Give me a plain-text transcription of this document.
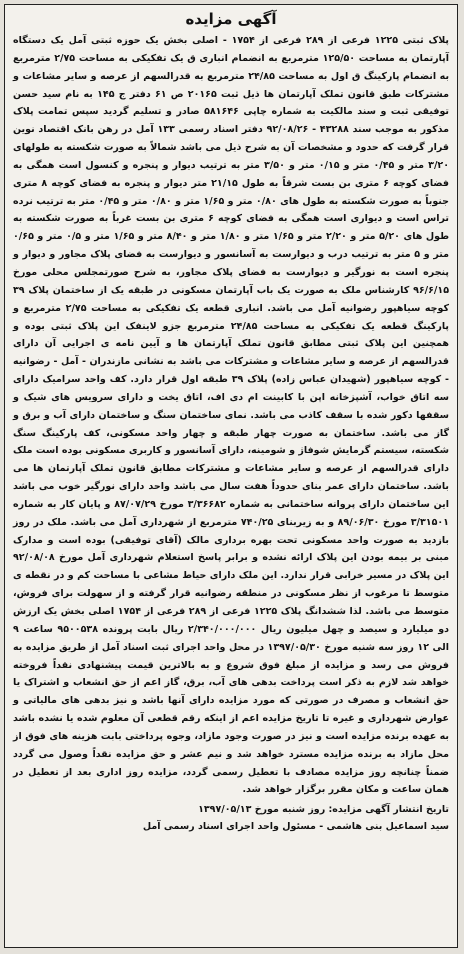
آگهی مزایده

پلاک ثبتی ۱۲۲۵ فرعی از ۲۸۹ فرعی از ۱۷۵۴ - اصلی بخش یک حوزه ثبتی آمل یک دستگاه آپارتمان به مساحت ۱۲۵/۵۰ مترمربع به انضمام انباری ق یک تفکیکی به مساحت ۲/۷۵ مترمربع به انضمام پارکینگ ق اول به مساحت ۲۴/۸۵ مترمربع به قدرالسهم از عرصه و سایر مشاعات و مشترکات طبق قانون تملک آپارتمان ها ذیل ثبت ۲۰۱۶۵ ص ۶۱ دفتر ج ۱۴۵ به نام سید حسن توفیقی ثبت و سند مالکیت به شماره چاپی ۵۸۱۶۴۶ صادر و تسلیم گردید سپس تمامت پلاک مذکور به موجب سند ۴۳۲۸۸ - ۹۲/۰۸/۲۶ دفتر اسناد رسمی ۱۳۳ آمل در رهن بانک اقتصاد نوین قرار گرفت که حدود و مشخصات آن به شرح ذیل می باشد شمالاً به صورت شکسته به طولهای ۳/۲۰ متر و ۰/۴۵ متر و ۰/۱۵ متر و ۳/۵۰ متر به ترتیب دیوار و پنجره و کنسول است همگی به فضای کوچه ۶ متری بن بست شرقاً به طول ۲۱/۱۵ متر دیوار و پنجره به فضای کوچه ۸ متری جنوباً به صورت شکسته به طول های ۰/۸۰ متر و ۱/۶۵ متر و ۰/۸۰ متر و ۰/۴۵ متر به ترتیب نرده تراس است و دیواری است همگی به فضای کوچه ۶ متری بن بست غرباً به صورت شکسته به طول های ۵/۲۰ متر و ۲/۲۰ متر و ۱/۶۵ متر و ۱/۸۰ متر و ۸/۴۰ متر و ۱/۶۵ متر و ۰/۵ متر و ۰/۶۵ متر و ۵ متر به ترتیب درب و دیوارست به آسانسور و دیوارست به فضای پلاک مجاور و دیوار و پنجره است به نورگیر و دیوارست به فضای پلاک مجاور، به شرح صورتمجلس محلی مورخ ۹۶/۶/۱۵ کارشناس ملک به صورت یک باب آپارتمان مسکونی در طبقه یک از ساختمان پلاک ۳۹ کوچه سیاهپور رضوانیه آمل می باشد. انباری قطعه یک تفکیکی به مساحت ۲/۷۵ مترمربع و پارکینگ قطعه یک تفکیکی به مساحت ۲۴/۸۵ مترمربع جزو لاینفک این پلاک ثبتی بوده و همچنین این پلاک ثبتی مطابق قانون تملک آپارتمان ها و آیین نامه ی اجرایی آن دارای قدرالسهم از عرصه و سایر مشاعات و مشترکات می باشد به نشانی مازندران - آمل - رضوانیه - کوچه سیاهپور (شهیدان عباس زاده) پلاک ۳۹ طبقه اول قرار دارد. کف واحد سرامیک دارای سه اتاق خواب، آشپزخانه اپن با کابینت ام دی اف، اتاق یخت و دارای سرویس های شیک و سقفها دکور شده با سقف کاذب می باشد. نمای ساختمان سنگ و ساختمان دارای آب و برق و گاز می باشد. ساختمان به صورت چهار طبقه و چهار واحد مسکونی، کف پارکینگ سنگ شکسته، سیستم گرمایش شوفاژ و شومینه، دارای آسانسور و کاربری مسکونی بوده است ملک دارای قدرالسهم از عرصه و سایر مشاعات و مشترکات مطابق قانون تملک آپارتمان ها می باشد. ساختمان دارای عمر بنای حدوداً هفت سال می باشد واحد دارای نورگیر خوب می باشد این ساختمان دارای پروانه ساختمانی به شماره ۳/۳۶۶۸۲ مورخ ۸۷/۰۷/۲۹ و پایان کار به شماره ۳/۳۱۵۰۱ مورخ ۸۹/۰۶/۳۰ و به زیربنای ۷۴۰/۲۵ مترمربع از شهرداری آمل می باشد. ملک در روز بازدید به صورت واحد مسکونی تحت بهره برداری مالک (آقای توفیقی) بوده است و مدارک مبنی بر بیمه بودن این پلاک ارائه نشده و برابر پاسخ استعلام شهرداری آمل مورخ ۹۲/۰۸/۰۸ این پلاک در مسیر خرابی قرار ندارد. این ملک دارای حیاط مشاعی با مساحت کم و در نقطه ی متوسط تا مرغوب از نظر مسکونی در منطقه رضوانیه قرار گرفته و از سهولت برای فروش، متوسط می باشد. لذا ششدانگ پلاک ۱۲۲۵ فرعی از ۲۸۹ فرعی از ۱۷۵۴ اصلی بخش یک ارزش دو میلیارد و سیصد و چهل میلیون ریال ۲/۳۴۰/۰۰۰/۰۰۰ ریال بابت پرونده ۹۵۰۰۵۳۸ ساعت ۹ الی ۱۲ روز سه شنبه مورخ ۱۳۹۷/۰۵/۳۰ در محل واحد اجرای ثبت اسناد آمل از طریق مزایده به فروش می رسد و مزایده از مبلغ فوق شروع و به بالاترین قیمت پیشنهادی نقداً فروخته خواهد شد لازم به ذکر است پرداخت بدهی های آب، برق، گاز اعم از حق انشعاب و اشتراک یا حق انشعاب و مصرف در صورتی که مورد مزایده دارای آنها باشد و نیز بدهی های مالیاتی و عوارض شهرداری و غیره تا تاریخ مزایده اعم از اینکه رقم قطعی آن معلوم شده یا نشده باشد به عهده برنده مزایده است و نیز در صورت وجود مازاد، وجوه پرداختی بابت هزینه های فوق از محل مازاد به برنده مزایده مسترد خواهد شد و نیم عشر و حق مزایده نقداً وصول می گردد ضمناً چنانچه روز مزایده مصادف با تعطیل رسمی گردد، مزایده روز اداری بعد از تعطیل در همان ساعت و مکان مقرر برگزار خواهد شد.

تاریخ انتشار آگهی مزایده: روز شنبه مورخ ۱۳۹۷/۰۵/۱۳
سید اسماعیل بنی هاشمی - مسئول واحد اجرای اسناد رسمی آمل
